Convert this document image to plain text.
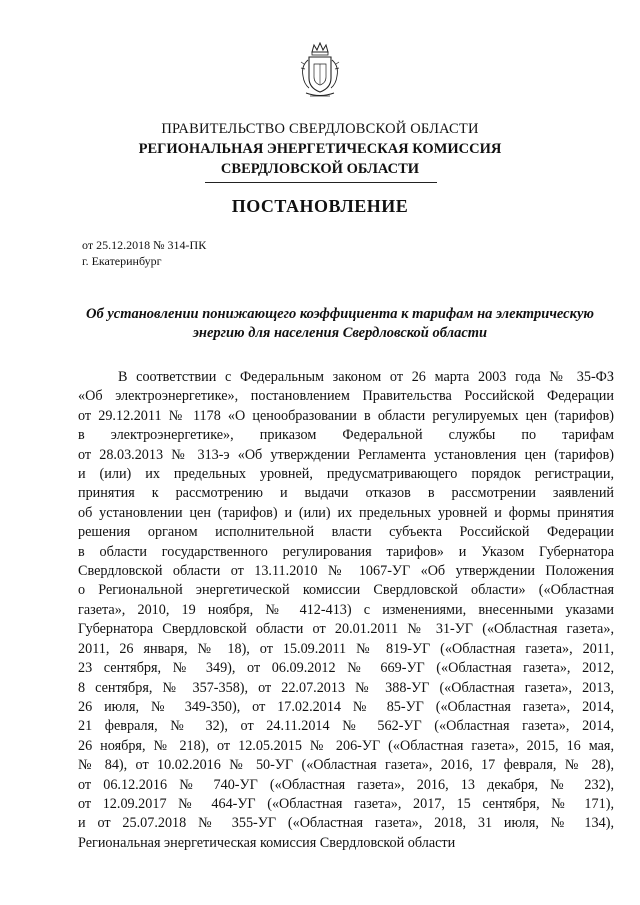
ПРАВИТЕЛЬСТВО СВЕРДЛОВСКОЙ ОБЛАСТИ
РЕГИОНАЛЬНАЯ ЭНЕРГЕТИЧЕСКАЯ КОМИССИЯ
СВЕРДЛОВСКОЙ ОБЛАСТИ
ПОСТАНОВЛЕНИЕ
от 25.12.2018 № 314-ПК
г. Екатеринбург
Об установлении понижающего коэффициента к тарифам на электрическую
энергию для населения Свердловской области
В соответствии с Федеральным законом от 26 марта 2003 года № 35-ФЗ
«Об электроэнергетике», постановлением Правительства Российской Федерации
от 29.12.2011 № 1178 «О ценообразовании в области регулируемых цен (тарифов)
в электроэнергетике», приказом Федеральной службы по тарифам
от 28.03.2013 № 313-э «Об утверждении Регламента установления цен (тарифов)
и (или) их предельных уровней, предусматривающего порядок регистрации,
принятия к рассмотрению и выдачи отказов в рассмотрении заявлений
об установлении цен (тарифов) и (или) их предельных уровней и формы принятия
решения органом исполнительной власти субъекта Российской Федерации
в области государственного регулирования тарифов» и Указом Губернатора
Свердловской области от 13.11.2010 № 1067-УГ «Об утверждении Положения
о Региональной энергетической комиссии Свердловской области» («Областная
газета», 2010, 19 ноября, № 412-413) с изменениями, внесенными указами
Губернатора Свердловской области от 20.01.2011 № 31-УГ («Областная газета»,
2011, 26 января, № 18), от 15.09.2011 № 819-УГ («Областная газета», 2011,
23 сентября, № 349), от 06.09.2012 № 669-УГ («Областная газета», 2012,
8 сентября, № 357-358), от 22.07.2013 № 388-УГ («Областная газета», 2013,
26 июля, № 349-350), от 17.02.2014 № 85-УГ («Областная газета», 2014,
21 февраля, № 32), от 24.11.2014 № 562-УГ («Областная газета», 2014,
26 ноября, № 218), от 12.05.2015 № 206-УГ («Областная газета», 2015, 16 мая,
№ 84), от 10.02.2016 № 50-УГ («Областная газета», 2016, 17 февраля, № 28),
от 06.12.2016 № 740-УГ («Областная газета», 2016, 13 декабря, № 232),
от 12.09.2017 № 464-УГ («Областная газета», 2017, 15 сентября, № 171),
и от 25.07.2018 № 355-УГ («Областная газета», 2018, 31 июля, № 134),
Региональная энергетическая комиссия Свердловской области
